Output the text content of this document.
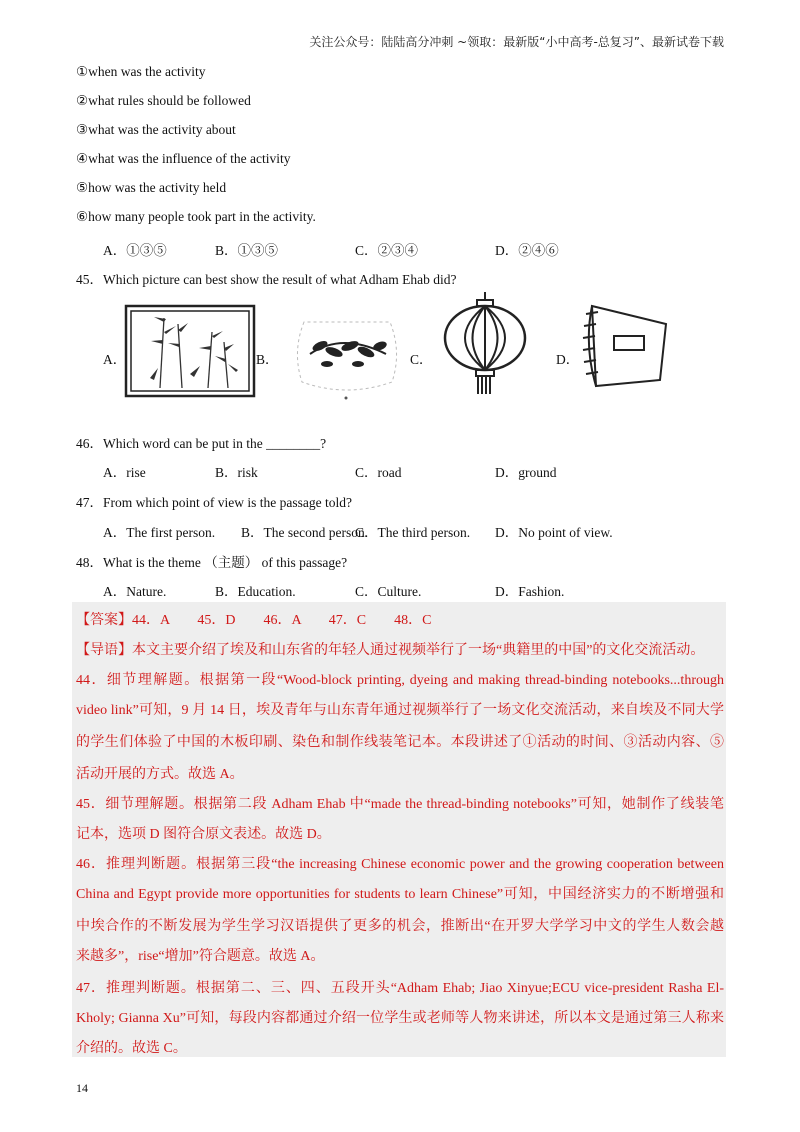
关注公众号：陆陆高分冲刺 ~领取：最新版“小中高考-总复习”、最新试卷下载
①when was the activity
②what rules should be followed
③what was the activity about
④what was the influence of the activity
⑤how was the activity held
⑥how many people took part in the activity.
A．①③⑤	B．①③⑤	C．②③④	D．②④⑥
45．Which picture can best show the result of what Adham Ehab did?
A．	B．	C．	D．
46．Which word can be put in the ________?
A．rise	B．risk	C．road	D．ground
47．From which point of view is the passage told?
A．The first person. B．The second person.
C．The third person. D．No point of view.
48．What is the theme （主题） of this passage?
A．Nature.	B．Education.	C．Culture.	D．Fashion.
【答案】44．A　　45．D　　46．A　　47．C　　48．C
【导语】本文主要介绍了埃及和山东省的年轻人通过视频举行了一场“典籍里的中国”的文化交流活动。
44．细节理解题。根据第一段“Wood-block printing, dyeing and making thread-binding notebooks...through
video link”可知，9 月 14 日，埃及青年与山东青年通过视频举行了一场文化交流活动，来自埃及不同大学
的学生们体验了中国的木板印刷、染色和制作线装笔记本。本段讲述了①活动的时间、③活动内容、⑤
活动开展的方式。故选 A。
45．细节理解题。根据第二段 Adham Ehab 中“made the thread-binding notebooks”可知，她制作了线装笔
记本，选项 D 图符合原文表述。故选 D。
46．推理判断题。根据第三段“the increasing Chinese economic power and the growing cooperation between
China and Egypt provide more opportunities for students to learn Chinese”可知，中国经济实力的不断增强和
中埃合作的不断发展为学生学习汉语提供了更多的机会，推断出“在开罗大学学习中文的学生人数会越
来越多”，rise“增加”符合题意。故选 A。
47．推理判断题。根据第二、三、四、五段开头“Adham Ehab; Jiao Xinyue;ECU vice-president Rasha El-
Kholy; Gianna Xu”可知，每段内容都通过介绍一位学生或老师等人物来讲述，所以本文是通过第三人称来
介绍的。故选 C。
14
